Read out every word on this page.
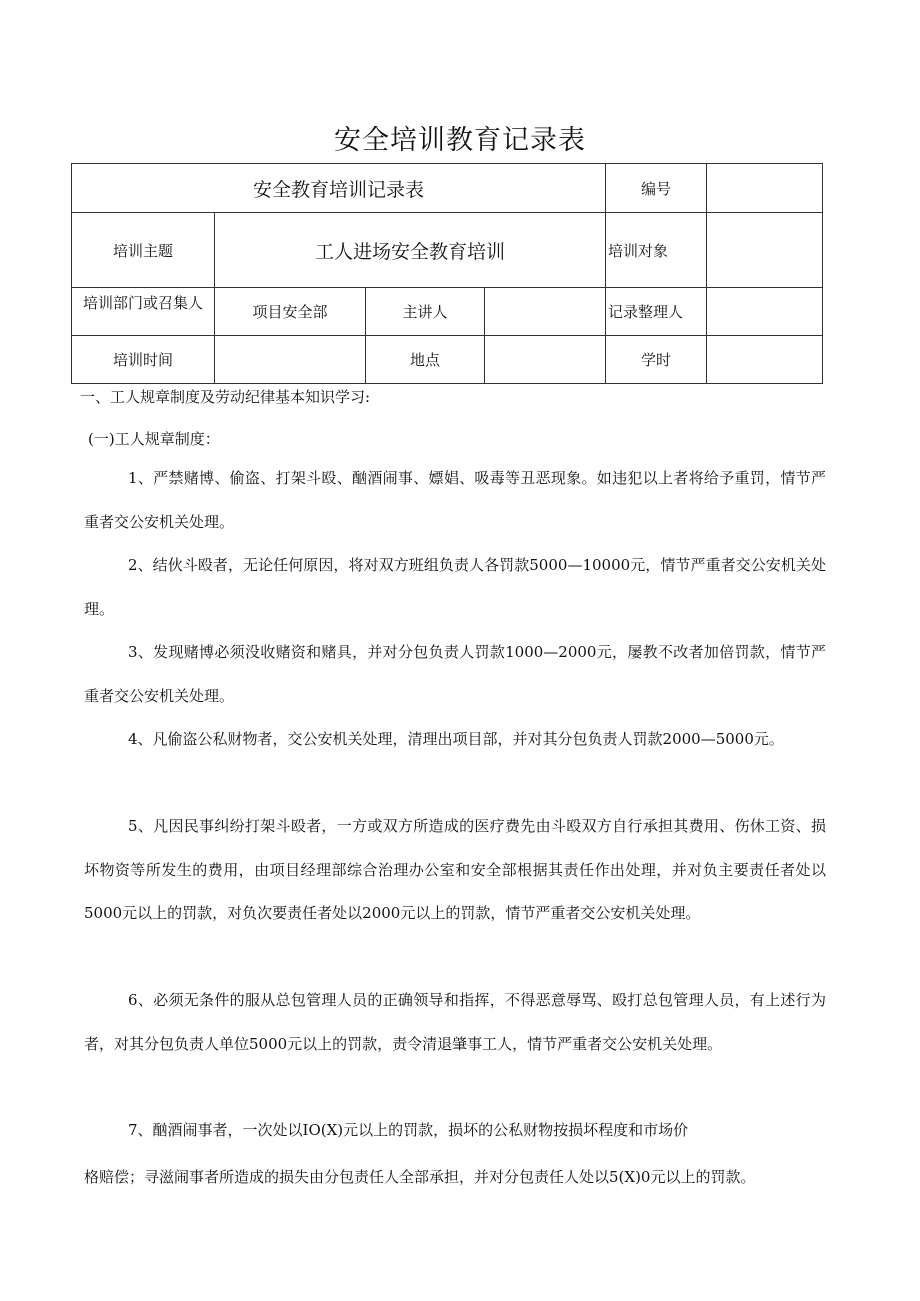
安全培训教育记录表
安全教育培训记录表				编号	
培训主题	工人进场安全教育培训			培训对象	
培训部门或召集人	项目安全部	主讲人		记录整理人	
培训时间		地点		学时	
一、工人规章制度及劳动纪律基本知识学习:
(一)工人规章制度：

1、严禁赌博、偷盗、打架斗殴、酗酒闹事、嫖娼、吸毒等丑恶现象。如违犯以上者将给予重罚，情节严重者交公安机关处理。

2、结伙斗殴者，无论任何原因，将对双方班组负责人各罚款5000—10000元，情节严重者交公安机关处理。

3、发现赌博必须没收赌资和赌具，并对分包负责人罚款1000—2000元，屡教不改者加倍罚款，情节严重者交公安机关处理。

4、凡偷盗公私财物者，交公安机关处理，清理出项目部，并对其分包负责人罚款2000—5000元。

5、凡因民事纠纷打架斗殴者，一方或双方所造成的医疗费先由斗殴双方自行承担其费用、伤休工资、损坏物资等所发生的费用，由项目经理部综合治理办公室和安全部根据其责任作出处理，并对负主要责任者处以5000元以上的罚款，对负次要责任者处以2000元以上的罚款，情节严重者交公安机关处理。

6、必须无条件的服从总包管理人员的正确领导和指挥，不得恶意辱骂、殴打总包管理人员，有上述行为者，对其分包负责人单位5000元以上的罚款，责令清退肇事工人，情节严重者交公安机关处理。

7、酗酒闹事者，一次处以IO(X)元以上的罚款，损坏的公私财物按损坏程度和市场价

格赔偿；寻滋闹事者所造成的损失由分包责任人全部承担，并对分包责任人处以5(X)0元以上的罚款。
